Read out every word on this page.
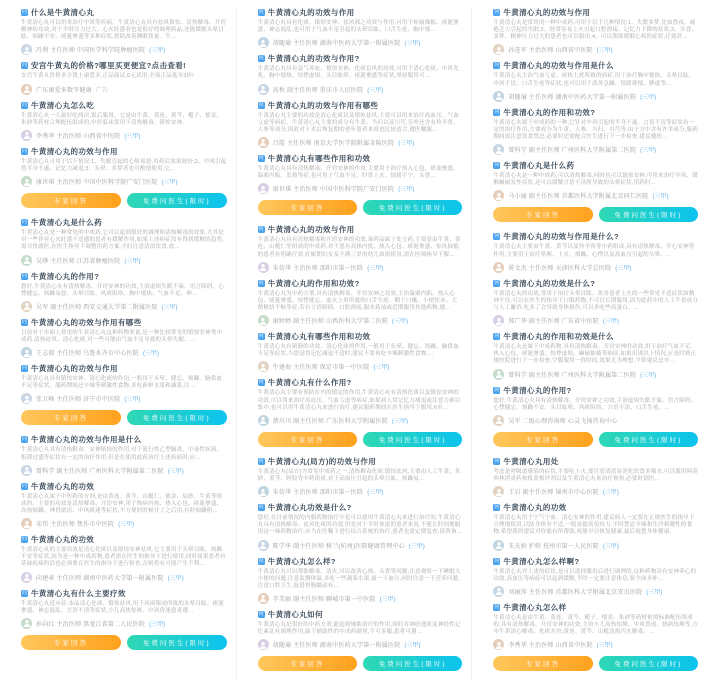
问 什么是牛黄清心丸

牛黄清心丸可以用来治疗中风等疾病。牛黄清心丸具有祛风镇惊、清热解毒、开窍醒神的功效,对于平时压力过大、心火旺盛者也是很好的调理药品,还能缓解头晕目眩、烦躁不安、痰涎壅盛等多种症状,帮助改善睡眠质量。牛...

冯利 主任医师 中国医学科学院肿瘤医院 (三甲)
问 安宫牛黄丸的价格?哪里买更便宜?点击查看!

安宫牛黄丸价格多少钱上康爱多,正品保证,0元试用,全场正品低至3折!

广东康爱多数字健康 广告
问 牛黄清心丸怎么吃

牛黄清心丸一天最好吃两次,饭后服用。它是由牛黄、黄连、黄芩、栀子、郁金、朱砂等药材合理配伍组成的,中医临床常用于清热解毒、镇惊安神。

李秀华 主治医师 山西省中医院 (三甲)
问 牛黄清心丸的功效与作用

牛黄清心丸可用于以下情况:1、失眠引起的心烦易怒,用药后效果较好;2、中风引起的半身不遂、记忆力减退;3、头晕、多梦者也可酌情使用,它...

康世琪 主治医师 中国中医科学院广安门医院 (三甲)
专家回答	免费问医生(限时)
问 牛黄清心丸是什么药

牛黄清心丸是一种常见的中成药,它可以起到很好的调理和清热解毒的效果,尤其是对一些伴有心火旺盛不适感的患者有缓解作用,如果上述病症没有得到缓解的趋势,需尽快就医,在医生指导下调整用药方案,平时注意清淡饮食,放...

吴烨 主任医师 江苏省肿瘤医院 (三甲)
问 牛黄清心丸的作用?

您好,牛黄清心丸有清热解毒、开窍安神的功效,主治虚烦失眠不寐、语言障碍、心悸健忘、烦躁易怒、头晕目眩、风痰阻络、胸中郁热、气血不足、神...

吴军 副主任医师 西安交通大学第二附属医院 (三甲)
问 牛黄清心丸的功效与作用有哪些

目前对于市面上常见的牛黄清心丸这种药物来说,是一种比较常见的镇惊安神类中成药,清热祛风、清心化痰,对一些可能由气血不足导致的头晕失眠、...

王志毅 主任医师 乌鲁木齐市中心医院 (三甲)
问 牛黄清心丸的功效与作用

牛黄清心丸具有镇惊安神、清心化痰的作用,一般用于头晕、健忘、烦躁、脑供血不足等症状。服药期间忌辛辣等刺激性食物,多吃新鲜水果和蔬菜,注...

张万峰 主任医师 济宁市中医院 (三甲)
专家回答	免费问医生(限时)
问 牛黄清心丸的功效与作用是什么

牛黄清心丸具有清热解毒、安神镇惊的作用,对于流行性乙型脑炎、中毒性疾病、积滞过盛等症状有一定的治疗作用,但是在使用此药治疗上述疾病时,应...

曾科学 副主任医师 广州医科大学附属第二医院 (三甲)
问 牛黄清心丸的功效

牛黄清心丸属于中医药的方剂,是由黄连、黄芩、山栀仁、郁金、辰砂、牛黄等组成的。主要的功效是清热解毒、开窍安神,用于热病内热、热入心包、痰涎壅盛、高热烦躁、神昏谵语、中风痰迷等症状,不方便的时候开了之后用,有时烦躁明...

宋伟 主治医师 焦作市中医院 (三甲)
问 牛黄清心丸的功效

牛黄清心丸的主要功效是清心化痰以及镇惊安神祛风,它主要用于头晕目眩、烦躁不安等症状,因为是一种中成药物,患者需在医生的指导下进行使用,同时如果患者有基础疾病的话也必须要在医生的指导下进行检查,否则将有可能产生不利...

向建章 主任医师 湖南中医药大学第一附属医院 (三甲)
问 牛黄清心丸有什么主要疗效

牛黄清心丸适应症:本品清心化痰、镇惊祛风,用于风痰阻闭所致的头晕目眩、痰涎壅盛、神志混乱、言语不清等症状,小儿高热惊厥、中风昏迷患者遵...

孙向红 主治医师 黑龙江省第二人民医院 (三甲)
专家回答	免费问医生(限时)
问 牛黄清心丸的功效与作用

牛黄清心丸具有化痰、镇惊安神、祛风邪之功效与作用,可用于惊痫抽搐、痰涎壅盛、神志混乱,也可用于气血不足引起的头晕目眩、口舌生疮、胸中郁...

胡随瑜 主任医师 湖南中医药大学第一附属医院 (三甲)
问 牛黄清心丸的功效与作用?

牛黄清心丸具有益气养血、镇惊安神、化痰息风的功效,可用于清心化痰、中风先兆、胸中郁热、惊悸虚烦、头目眩晕、痰涎壅盛等症状,坚持服用可...

高秋 副主任医师 重庆市人民医院 (三甲)
问 牛黄清心丸的功效与作用有哪些

牛黄清心丸主要的功效是清心化痰以及镇惊祛风,主要可以用来治疗高血压、气血亏虚等病症。牛黄清心丸主要的成分有牛黄、当归以及川芎,另外还含有羚羊角、人参等成分,因此对于术后恢复期的老年患者来说也比较适合,遵医嘱服...

吕霞 主任医师 南京大学医学院附属金陵医院 (三甲)
问 牛黄清心丸有哪些作用和功效

牛黄清心丸具有清热解毒、开窍安神的作用,主要用于治疗热入心包、痰浊壅盛、温邪内陷、发热等症,也可用于气血不足、时常上火、情绪不宁、头昏...

康世琪 主治医师 中国中医科学院广安门医院 (三甲)
专家回答	免费问医生(限时)
问 牛黄清心丸的功效与作用

牛黄清心丸具有清热解毒和开窍安神的功效,该药品属于处方药,主要是由牛黄、黄连、山栀仁等组成的中成药,对于患有高热内扰、热入心包、痰涎壅盛、惊风抽搐的患者有明确疗效,妊娠期妇女及不满三岁的幼儿如需使用,需在医师指导下服...

朱信华 主治医师 邵阳市第一医院 (三甲)
问 牛黄清心丸的作用和功效?

牛黄清心丸为中药方剂,具有清热解毒、开窍安神之功效,主治温邪内陷、热入心包、痰涎壅盛、惊悸健忘、虚火上炎所致的口舌生疮、咽干口燥、小便短赤、大便秘结不畅等症,若有言语障碍、口腔溃疡,服本药前或近期服用其他药物,遵...

康婷婷 副主任医师 山西医科大学第二医院 (三甲)
问 牛黄清心丸有哪些作用和功效

牛黄清心丸有镇静的功效、清心化痰的作用,一般用于头晕、健忘、烦躁、脑供血不足等症状,当您觉得记忆减退不适时,建议不要再吃辛辣刺激性食物,...

牛建海 主任医师 保定市第一中医院 (三甲)
问 牛黄清心丸有什么作用?

牛黄清心丸主要有预防在内的镇定的作用,牛黄清心丸有清热化痰以及镇惊安神的功效,可以用来治疗高血压、气血亏虚等病症,如果病人常记忆力减退或注意力难以集中,也可以用牛黄清心丸来进行治疗,建议服药期间在医生指导下服用,6至...

蔡川川 副主任医师 广东医科大学附属医院 (三甲)
专家回答	免费问医生(限时)
问 牛黄清心丸(局方)的功效与作用

牛黄清心丸(局方)为常见中成药之一,清热解毒化痰,镇惊祛风,主要由人工牛黄、朱砂、黄芩、阿胶等中药组成,对于高血压引起的头晕目眩、烦躁易...

朱信华 主治医师 邵阳市第一医院 (三甲)
问 牛黄清心丸功效是什么?

您好,在目前情况的内服药物治疗中是可以使用牛黄清心丸来进行治疗的,牛黄清心丸具有清热解毒、祛风化痰的功效,但是对于平时体虚的患者来说,不能长时间地服用这一味药物治疗,应当在医嘱下进行综合系统的治疗,患者也需定期复查,请咨询...

陈学华 副主任医师 树兰(杭州)医院健康管理中心 (三甲)
问 牛黄清心丸怎么样?

牛黄清心丸可以帮助解毒、清火,可以改善心烦、头昏等问题,注意观察一下睡眠大小便的问题,注意监测体温,多吃一些蔬菜水果,量一下血压,同时注意一下营养问题,注意口腔卫生,促进胃肠蠕动有...

辛美丽 副主任医师 聊城市第一中医院 (三甲)
问 牛黄清心丸如何

牛黄清心丸是很好的中药方剂,能起到辅助治疗的作用,同时对神经递质及神经性记忆紊乱有调理作用,属于辅助性的中成药制剂,不可多服,患者可遵...

胡随瑜 主任医师 湖南中医药大学第一附属医院 (三甲)
专家回答	免费问医生(限时)
问 牛黄清心丸的功效与作用

牛黄清心丸是常用的一种中成药,可用于以下几种情况:1、失眠多梦,比如熬夜、疲倦乏力引起的失眠;2、经常容易上火引起口腔溃疡、记忆力下降的症状;3、头昏、多梦、精神压力过大的患者也可以服用;4、可以帮助缓解心烦的症状,疗效甚...

孙连军 主治医师 山西省中医院 (三甲)
问 牛黄清心丸的功效与作用是什么

牛黄清心丸主治气血亏虚、痰热上扰所致的病症,用于治疗胸中郁热、头晕目眩、中风不语、口舌生疮等症状,也可以用于改善急躁、情绪抑郁、脾虚等...

胡随瑜 主任医师 湖南中医药大学第一附属医院 (三甲)
问 牛黄清心丸的作用和功效?

牛黄清心丸属于中成药的一种,它针对中风引起的半身不遂、言语不清等症状有一定的治疗作用,主要成分为牛黄、人参、当归、川芎等,由于方中含有许多成分,服药期间需注意饮食禁忌,必要时还需配合医生进行下一步检查,建议遵医...

曾科学 副主任医师 广州医科大学附属第二医院 (三甲)
问 牛黄清心丸是什么药

牛黄清心丸是一种中成药,可以清热解毒,同时也可以镇惊安神,可用来治疗中风、缓解癫痫发作症状,还可以缓解言语不清所导致的头晕症状,用药时...

马小丽 副主任医师 首都医科大学附属北京同仁医院 (三甲)
专家回答	免费问医生(限时)
问 牛黄清心丸的功效与作用是什么?

牛黄清心丸主要由牛黄、黄芩以及羚羊角等中药组成,具有清热解毒、平心安神等作用,主要用于治疗晕厥、上火、烦躁、心悸以及高血压引起的头晕、...

蒋文杰 主任医师 天津医科大学总医院 (三甲)
问 牛黄清心丸的功效是什么?

牛黄清心丸的功效,常用于治疗头晕目眩、改善患者上火的一些常见不适症状如精神不佳,可以在医生的指导下口服药物,不可以长期服用,因为此药中的人工牛黄成分与人工麝香,吃多了会导致身体损伤,可以多吃些高蛋白、...

郑广华 副主任医师 广东省中医院 (三甲)
问 牛黄清心丸的作用和功效是什么

牛黄清心丸是属于中成药物,具有清热解毒、开窍安神的功效,用于治疗气血不足、热入心包、痰涎壅盛、惊悸虚烦、癫痫抽搐等病症,如果出现以上情况,应及时到正规医院进行下一步检查,空腹服用一段时间,效果尤为理想,平常建议忌辛...

曾科学 副主任医师 广州医科大学附属第二医院 (三甲)
问 牛黄清心丸的作用?

您好,牛黄清心丸具有清热解毒、开窍安神之功效,主治虚烦失眠不寐、语言障碍、心悸健忘、烦躁不安、头目眩晕、风痰阻络、言语不清、口舌生疮、...

吴军 二级心理咨询师 心灵飞扬咨询中心
专家回答	免费问医生(限时)
问 牛黄清心丸用处

考虑是呼吸道感染的症状,不要吃上火,要注意清淡易消化饮食多喝水,可以服用阿莫西林消炎药和板蓝根冲剂以及牛黄清心丸来治疗观察,必要时到医...

王岩 副主任医师 锦州市中心医院 (三甲)
问 牛黄清心丸的功效

牛黄清心丸用于宁气宁血、清心安神的作用,建议病人一定要在正规医生的指导下合理地使用,以防身体有不适,一般是提高免疫力,平时禁忌辛辣和生冷刺激性的食物,希望我的建议对你能有所帮助,祝愿早日恢复健康,最后祝您身体健康。

朱天娇 护师 抚州市第一人民医院 (三甲)
问 牛黄清心丸怎么样啊?

牛黄清心丸对上述的症状,是可以选择服用后进行调理的,这种药物具有安神养心的功效,高血压等病症可以起到缓解,平时一定要注意休息,要全面多补...

刘丽萍 主任医师 首都医科大学附属北京安贞医院 (三甲)
问 牛黄清心丸怎么样

牛黄清心丸是由牛黄、黄连、黄芩、栀子、郁金、朱砂等药材依照标准配伍组成的,具有清热解毒、开窍安神的功效,主治小儿高热惊厥、中风昏迷、热病惊厥等,方中牛黄清心解毒、化痰开窍;黄连、黄芩、山栀清热泻火解毒、...

李秀华 主治医师 山西省中医院 (三甲)
专家回答	免费问医生(限时)
